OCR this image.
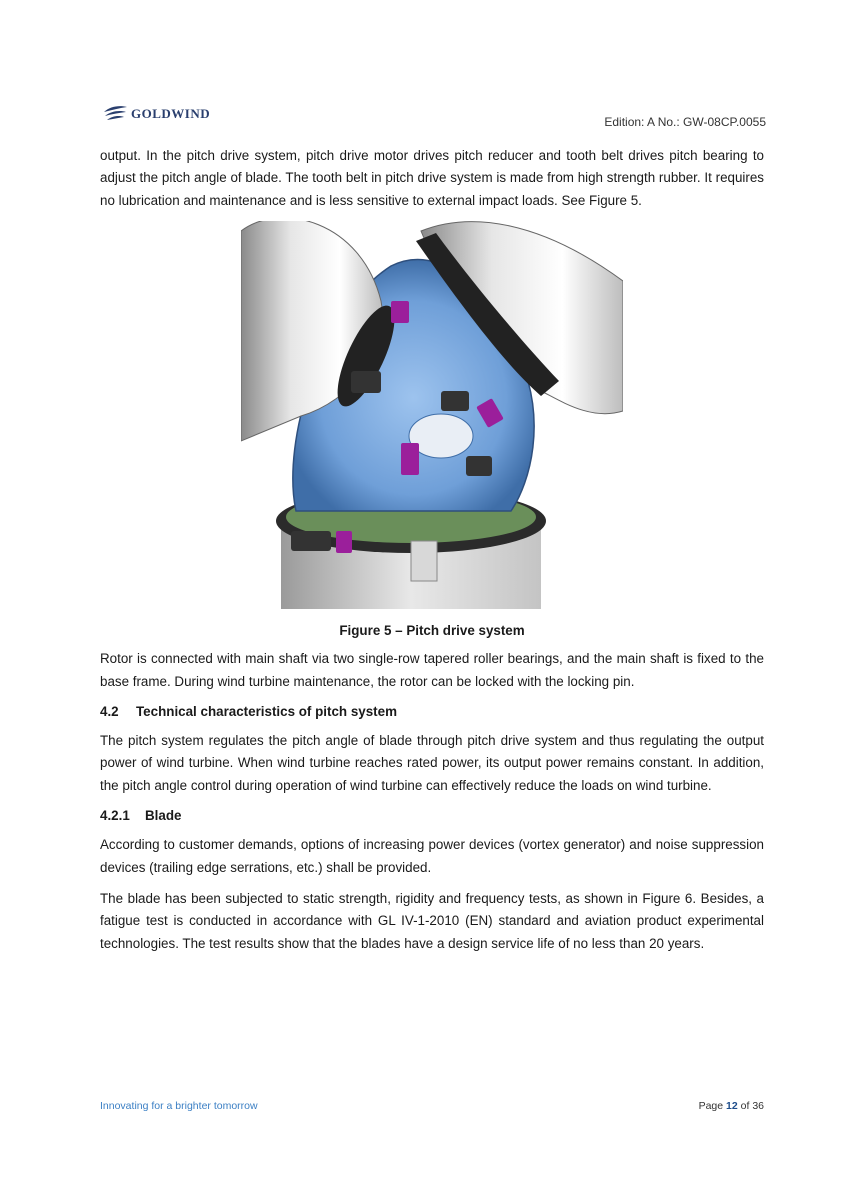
GOLDWIND
Edition: A No.: GW-08CP.0055

output. In the pitch drive system, pitch drive motor drives pitch reducer and tooth belt drives pitch bearing to adjust the pitch angle of blade. The tooth belt in pitch drive system is made from high strength rubber. It requires no lubrication and maintenance and is less sensitive to external impact loads. See Figure 5.

Figure 5 – Pitch drive system

Rotor is connected with main shaft via two single-row tapered roller bearings, and the main shaft is fixed to the base frame. During wind turbine maintenance, the rotor can be locked with the locking pin.

4.2 Technical characteristics of pitch system

The pitch system regulates the pitch angle of blade through pitch drive system and thus regulating the output power of wind turbine. When wind turbine reaches rated power, its output power remains constant. In addition, the pitch angle control during operation of wind turbine can effectively reduce the loads on wind turbine.

4.2.1 Blade

According to customer demands, options of increasing power devices (vortex generator) and noise suppression devices (trailing edge serrations, etc.) shall be provided.

The blade has been subjected to static strength, rigidity and frequency tests, as shown in Figure 6. Besides, a fatigue test is conducted in accordance with GL IV-1-2010 (EN) standard and aviation product experimental technologies. The test results show that the blades have a design service life of no less than 20 years.

Innovating for a brighter tomorrow	Page 12 of 36
